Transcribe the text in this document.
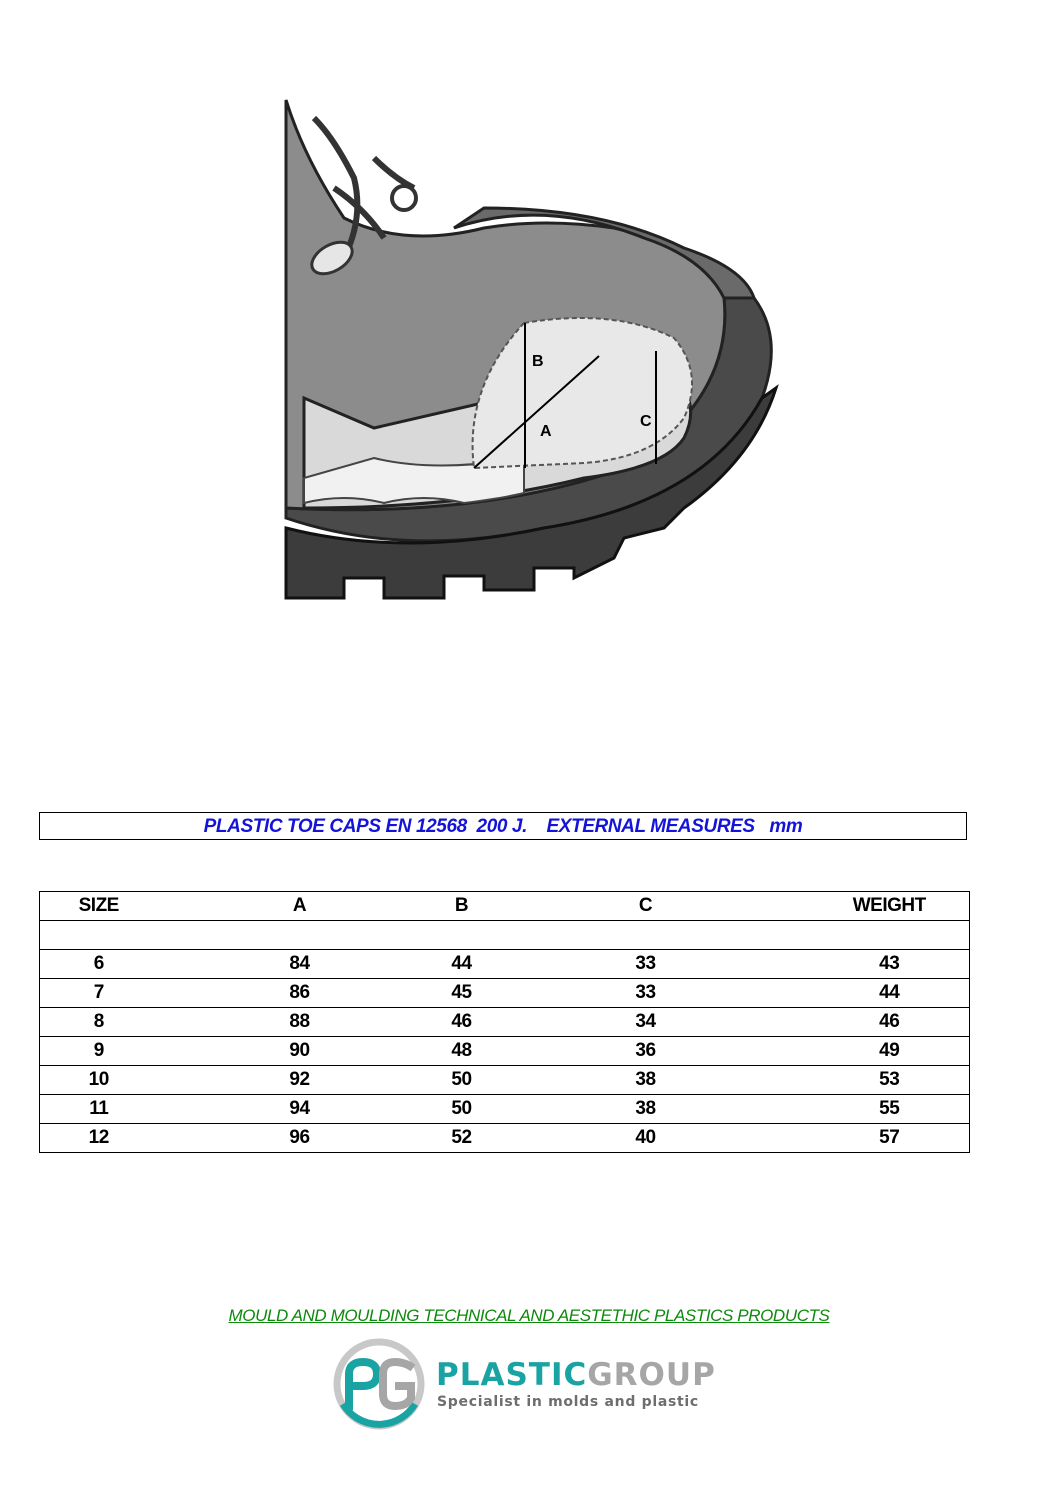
B
A
C
PLASTIC TOE CAPS EN 12568  200 J.    EXTERNAL MEASURES   mm
SIZE	A	B	C	WEIGHT

6	84	44	33	43
7	86	45	33	44
8	88	46	34	46
9	90	48	36	49
10	92	50	38	53
11	94	50	38	55
12	96	52	40	57
MOULD AND MOULDING TECHNICAL AND AESTETHIC PLASTICS PRODUCTS
PLASTICGROUP
Specialist in molds and plastic
